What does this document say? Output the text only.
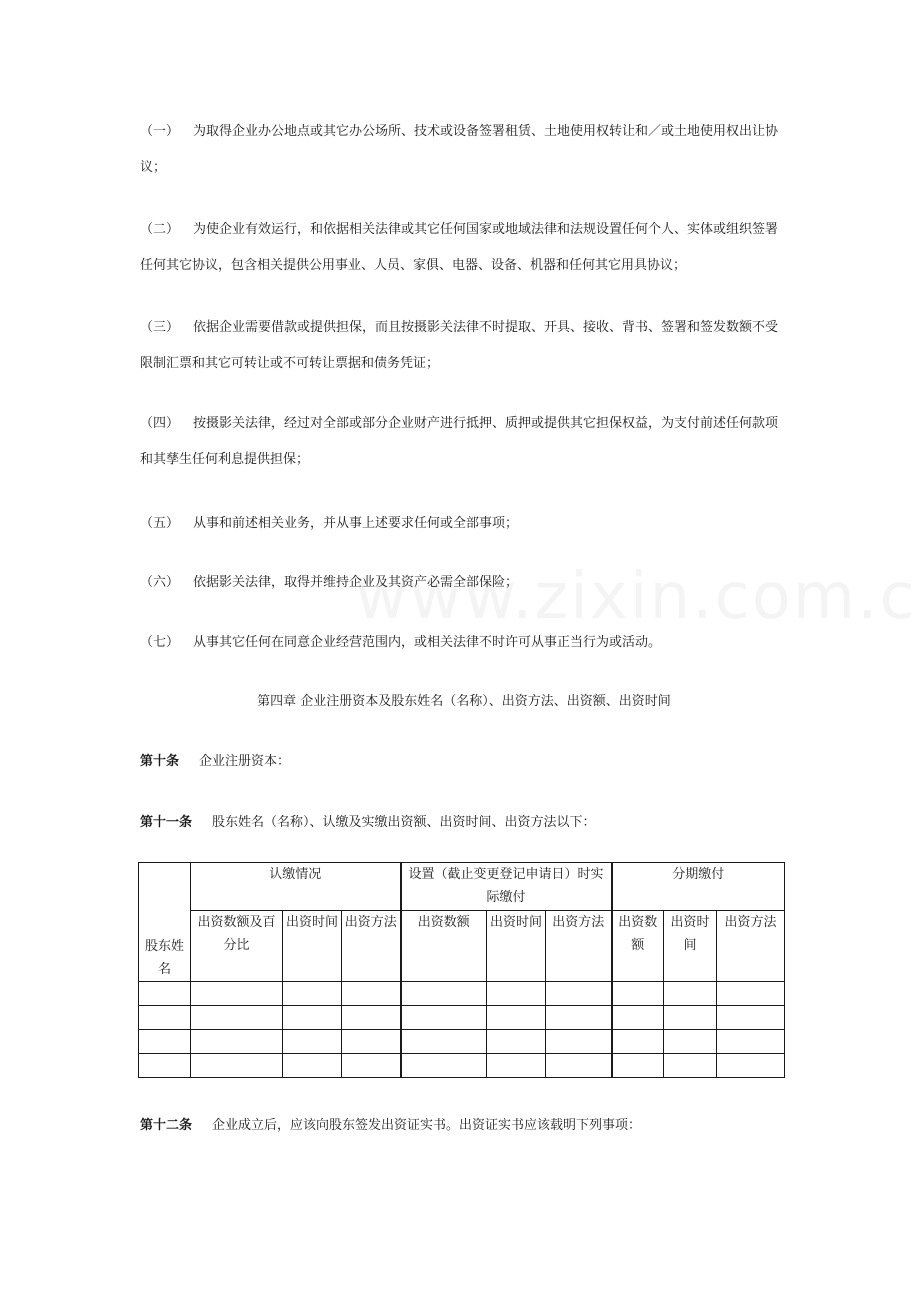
（一） 为取得企业办公地点或其它办公场所、技术或设备签署租赁、土地使用权转让和／或土地使用权出让协议；

（二） 为使企业有效运行，和依据相关法律或其它任何国家或地域法律和法规设置任何个人、实体或组织签署任何其它协议，包含相关提供公用事业、人员、家俱、电器、设备、机器和任何其它用具协议；

（三） 依据企业需要借款或提供担保，而且按摄影关法律不时提取、开具、接收、背书、签署和签发数额不受限制汇票和其它可转让或不可转让票据和债务凭证；

（四） 按摄影关法律，经过对全部或部分企业财产进行抵押、质押或提供其它担保权益，为支付前述任何款项和其孳生任何利息提供担保；

（五） 从事和前述相关业务，并从事上述要求任何或全部事项；

（六） 依据影关法律，取得并维持企业及其资产必需全部保险；

（七） 从事其它任何在同意企业经营范围内，或相关法律不时许可从事正当行为或活动。

第四章 企业注册资本及股东姓名（名称）、出资方法、出资额、出资时间

第十条 企业注册资本：

第十一条 股东姓名（名称）、认缴及实缴出资额、出资时间、出资方法以下：

股东姓名	认缴情况			设置（截止变更登记申请日）时实际缴付			分期缴付		
	出资数额及百分比	出资时间	出资方法	出资数额	出资时间	出资方法	出资数额	出资时间	出资方法

第十二条 企业成立后，应该向股东签发出资证实书。出资证实书应该载明下列事项：
